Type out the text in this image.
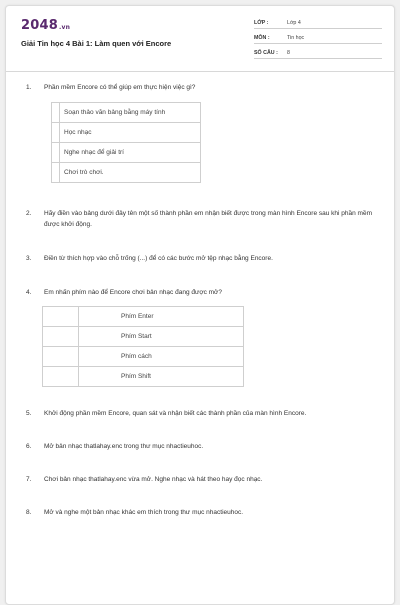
2048.vn
Giải Tin học 4 Bài 1: Làm quen với Encore
LỚP :	Lớp 4
MÔN :	Tin học
SỐ CÂU : 8
1. Phần mềm Encore có thể giúp em thực hiện việc gì?
	Soạn thảo văn bảng bằng máy tính
	Học nhạc
	Nghe nhạc để giải trí
	Chơi trò chơi.
2. Hãy điền vào bảng dưới đây tên một số thành phần em nhận biết được trong màn hình Encore sau khi phần mềm được khởi động.
3. Điền từ thích hợp vào chỗ trống (...) để có các bước mở tệp nhạc bằng Encore.
4. Em nhấn phím nào để Encore chơi bản nhạc đang được mở?
	Phím Enter
	Phím Start
	Phím cách
	Phím Shift
5. Khởi động phần mềm Encore, quan sát và nhận biết các thành phần của màn hình Encore.
6. Mở bản nhạc thatlahay.enc trong thư mục nhactieuhoc.
7. Chơi bản nhạc thatlahay.enc vừa mở. Nghe nhạc và hát theo hay đọc nhạc.
8. Mở và nghe một bản nhạc khác em thích trong thư mục nhactieuhoc.
